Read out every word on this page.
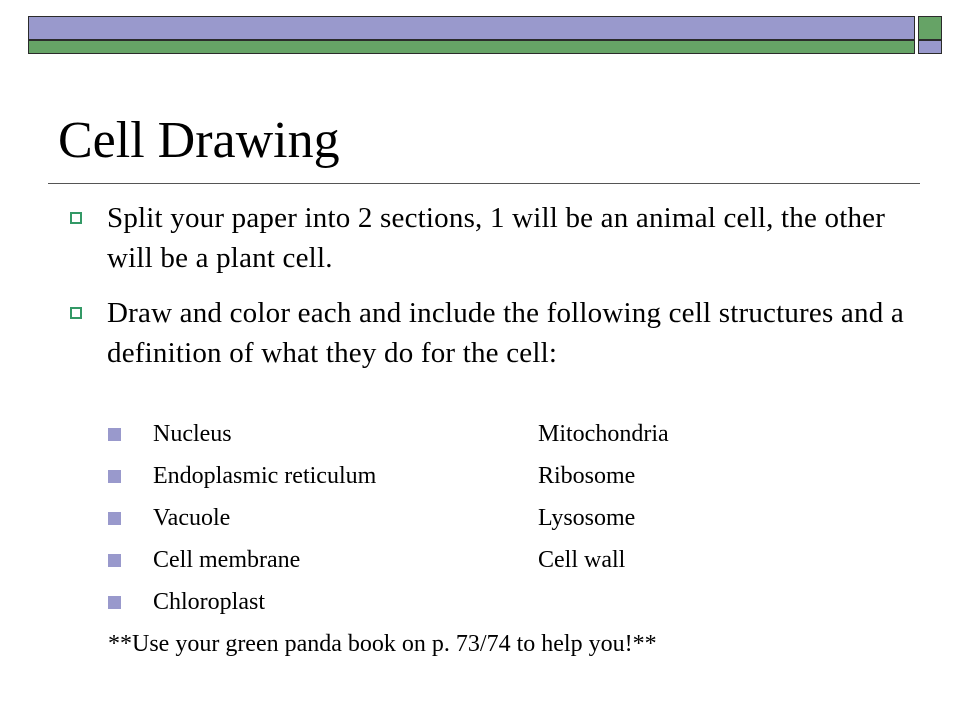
Cell Drawing
Split your paper into 2 sections, 1 will be an animal cell, the other will be a plant cell.
Draw and color each and include the following cell structures and a definition of what they do for the cell:
Nucleus	Mitochondria
Endoplasmic reticulum	Ribosome
Vacuole	Lysosome
Cell membrane	Cell wall
Chloroplast
**Use your green panda book on p. 73/74 to help you!**
